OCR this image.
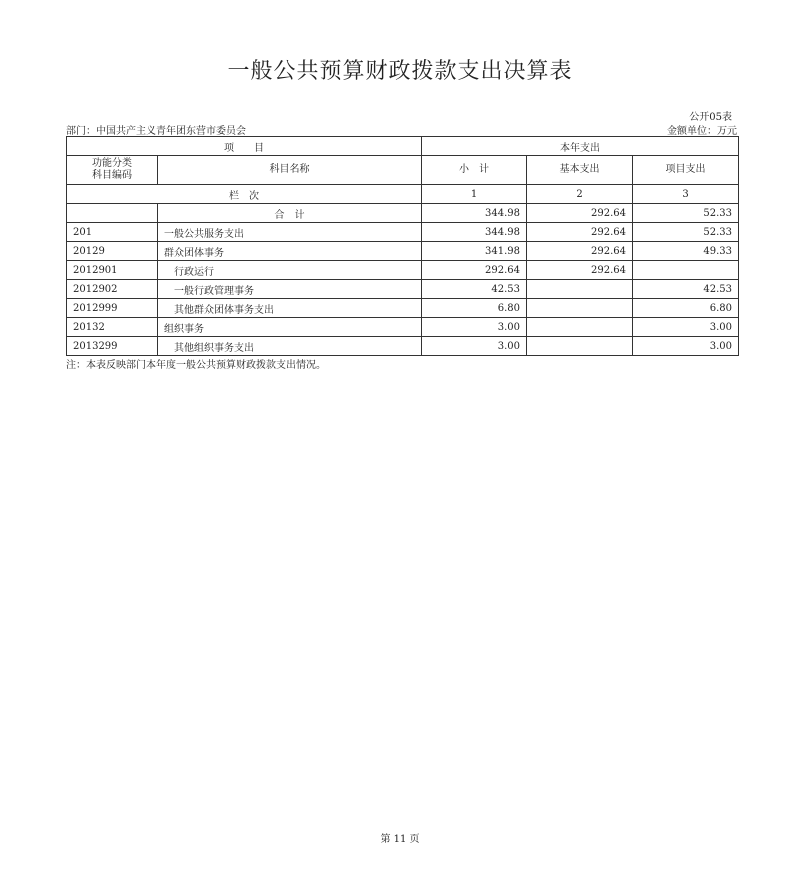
一般公共预算财政拨款支出决算表
公开05表
部门：中国共产主义青年团东营市委员会	金额单位：万元
项　　目		本年支出		
功能分类
科目编码	科目名称	小　计	基本支出	项目支出
栏　次		1	2	3
	合　计	344.98	292.64	52.33
201	一般公共服务支出	344.98	292.64	52.33
20129	群众团体事务	341.98	292.64	49.33
2012901	行政运行	292.64	292.64	
2012902	一般行政管理事务	42.53		42.53
2012999	其他群众团体事务支出	6.80		6.80
20132	组织事务	3.00		3.00
2013299	其他组织事务支出	3.00		3.00
注：本表反映部门本年度一般公共预算财政拨款支出情况。
第 11 页
